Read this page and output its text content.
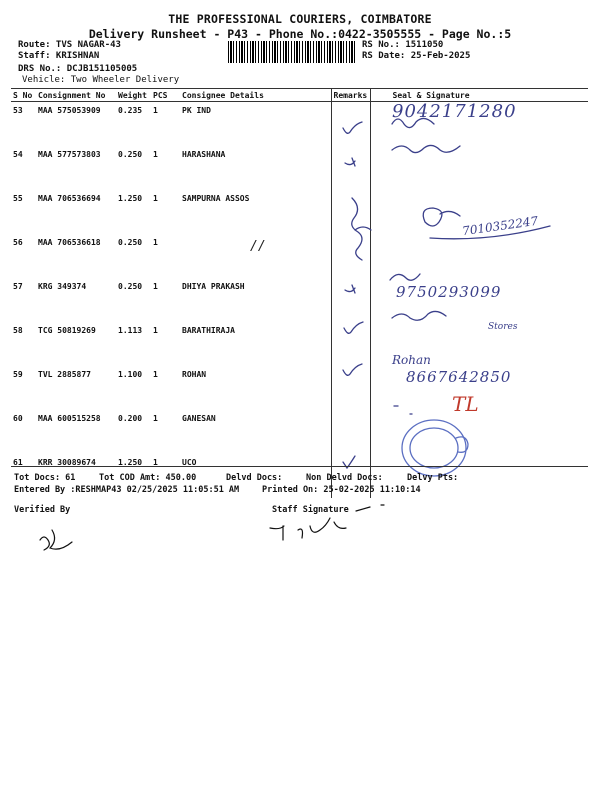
THE PROFESSIONAL COURIERS, COIMBATORE
Delivery Runsheet - P43 - Phone No.:0422-3505555 - Page No.:5
Route: TVS NAGAR-43
Staff: KRISHNAN
DRS No.: DCJB151105005
Vehicle: Two Wheeler Delivery
RS No.: 1511050
RS Date: 25-Feb-2025
S No	Consignment No	Weight	PCS	Consignee Details	Remarks	Seal & Signature
53	MAA 575053909	0.235	1	PK IND		
54	MAA 577573803	0.250	1	HARASHANA		
55	MAA 706536694	1.250	1	SAMPURNA ASSOS		
56	MAA 706536618	0.250	1			
57	KRG 349374	0.250	1	DHIYA PRAKASH		
58	TCG 50819269	1.113	1	BARATHIRAJA		
59	TVL 2885877	1.100	1	ROHAN		
60	MAA 600515258	0.200	1	GANESAN		
61	KRR 30089674	1.250	1	UCO		
9042171280
7010352247
//
9750293099
Stores
Rohan
8667642850
TL
Tot Docs: 61	Tot COD Amt: 450.00	Delvd Docs:	Non Delvd Docs:	Delvy Pts:
Entered By :RESHMAP43 02/25/2025 11:05:51 AM	Printed On: 25-02-2025 11:10:14
Verified By	Staff Signature
